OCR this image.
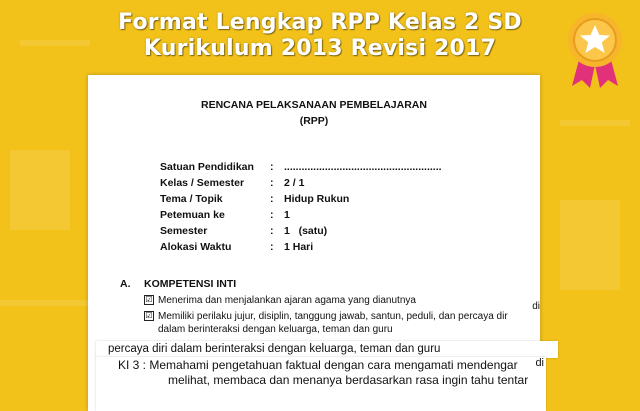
Format Lengkap RPP Kelas 2 SD
Kurikulum 2013 Revisi 2017
RENCANA PELAKSANAAN PEMBELAJARAN
(RPP)
Satuan Pendidikan : ......................................................
Kelas / Semester : 2 / 1
Tema / Topik	: Hidup Rukun
Petemuan ke	: 1
Semester	: 1   (satu)
Alokasi Waktu	: 1 Hari
A. KOMPETENSI INTI
☑ Menerima dan menjalankan ajaran agama yang dianutnya
☑ Memiliki perilaku jujur, disiplin, tanggung jawab, santun, peduli, dan percaya dir
dalam berinteraksi dengan keluarga, teman dan guru
di
percaya diri dalam berinteraksi dengan keluarga, teman dan guru
KI 3 : Memahami pengetahuan faktual dengan cara mengamati mendengar
melihat, membaca dan menanya berdasarkan rasa ingin tahu tentar
di
